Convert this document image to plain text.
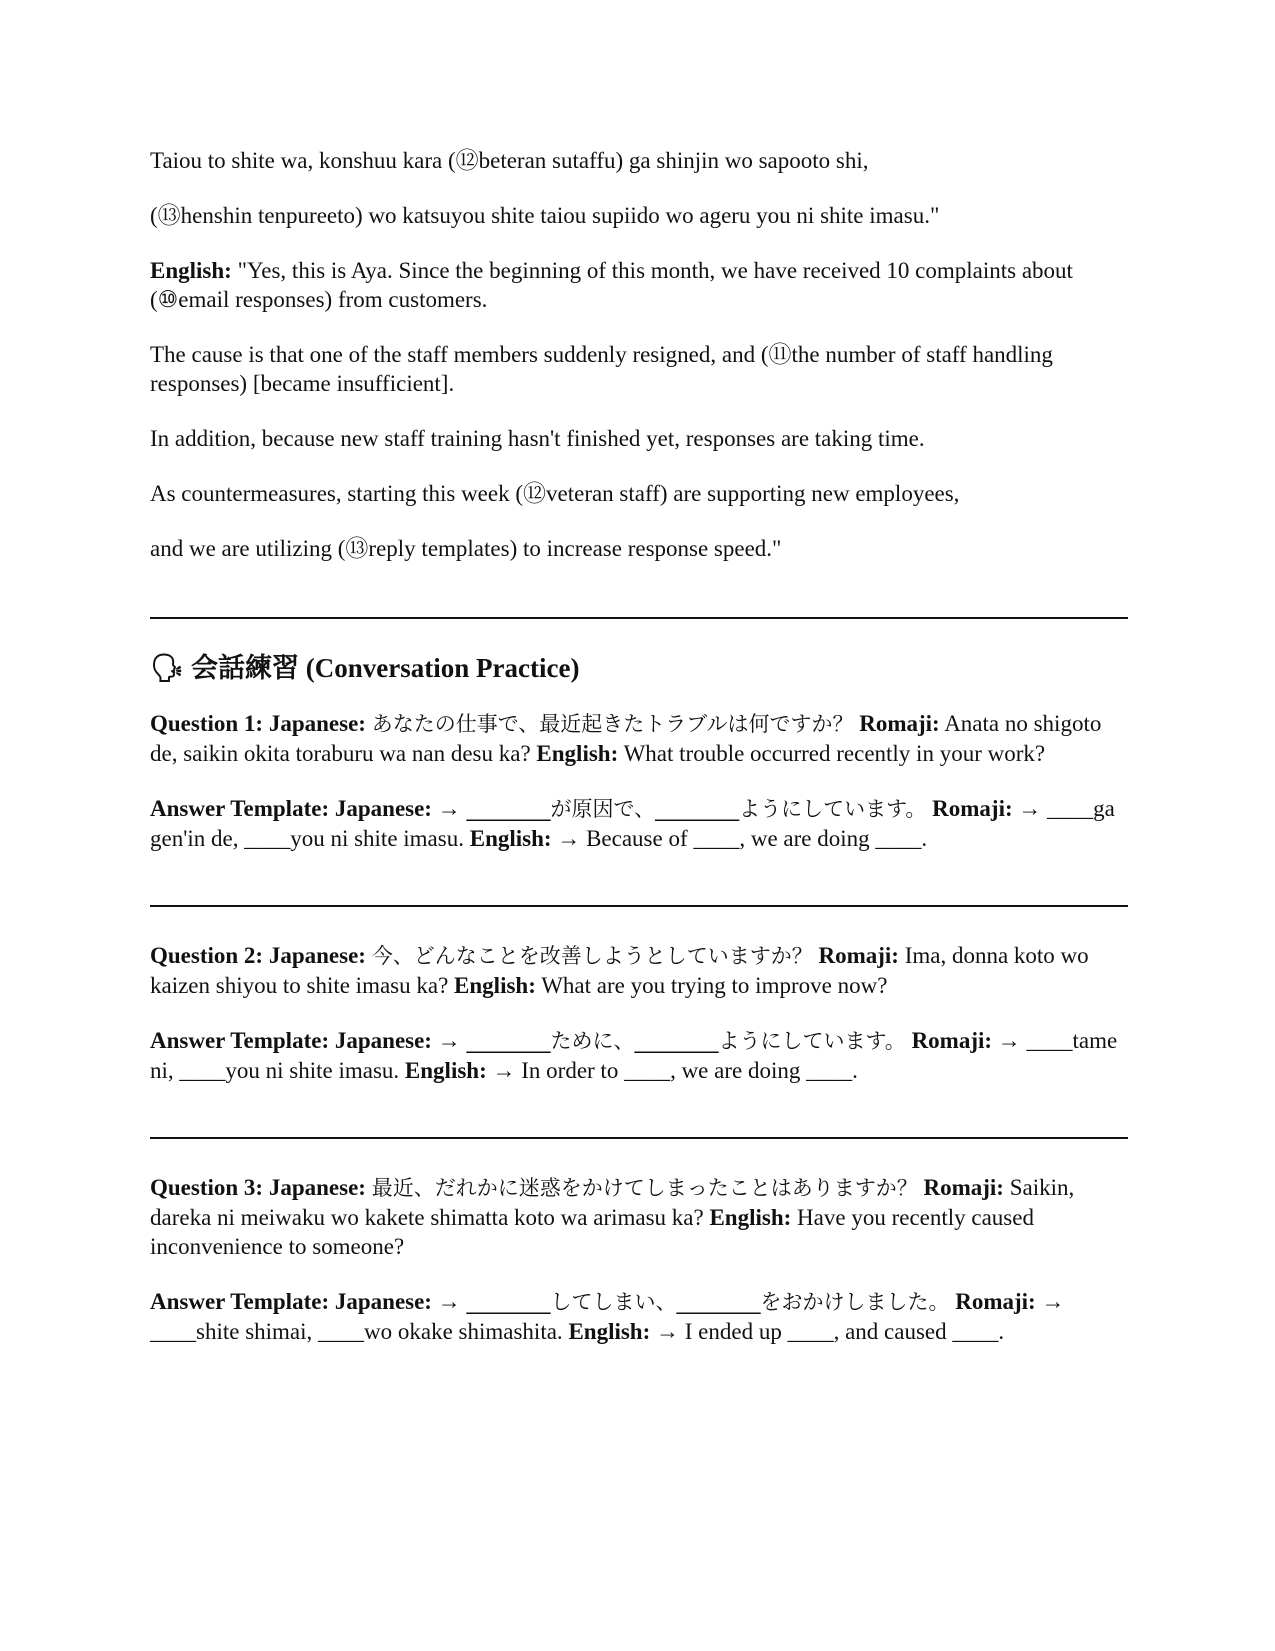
Taiou to shite wa, konshuu kara (⑫beteran sutaffu) ga shinjin wo sapooto shi,

(⑬henshin tenpureeto) wo katsuyou shite taiou supiido wo ageru you ni shite imasu."

English: "Yes, this is Aya. Since the beginning of this month, we have received 10 complaints about (⑩email responses) from customers.

The cause is that one of the staff members suddenly resigned, and (⑪the number of staff handling responses) [became insufficient].

In addition, because new staff training hasn't finished yet, responses are taking time.

As countermeasures, starting this week (⑫veteran staff) are supporting new employees,

and we are utilizing (⑬reply templates) to increase response speed."

🗣 会話練習 (Conversation Practice)

Question 1: Japanese: あなたの仕事で、最近起きたトラブルは何ですか？ Romaji: Anata no shigoto de, saikin okita toraburu wa nan desu ka? English: What trouble occurred recently in your work?

Answer Template: Japanese: → ________が原因で、________ようにしています。 Romaji: → ____ga gen'in de, ____you ni shite imasu. English: → Because of ____, we are doing ____.

Question 2: Japanese: 今、どんなことを改善しようとしていますか？ Romaji: Ima, donna koto wo kaizen shiyou to shite imasu ka? English: What are you trying to improve now?

Answer Template: Japanese: → ________ために、________ようにしています。 Romaji: → ____tame ni, ____you ni shite imasu. English: → In order to ____, we are doing ____.

Question 3: Japanese: 最近、だれかに迷惑をかけてしまったことはありますか？ Romaji: Saikin, dareka ni meiwaku wo kakete shimatta koto wa arimasu ka? English: Have you recently caused inconvenience to someone?

Answer Template: Japanese: → ________してしまい、________をおかけしました。 Romaji: → ____shite shimai, ____wo okake shimashita. English: → I ended up ____, and caused ____.
